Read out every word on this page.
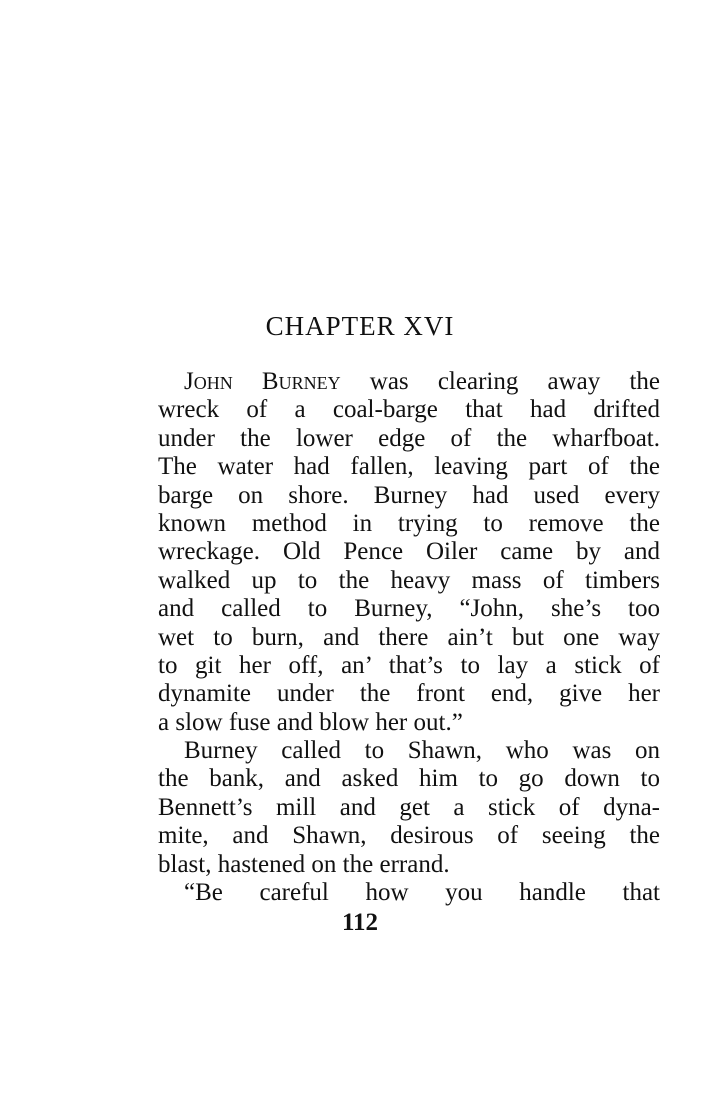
CHAPTER XVI
John Burney was clearing away the
wreck of a coal-barge that had drifted
under the lower edge of the wharfboat.
The water had fallen, leaving part of the
barge on shore. Burney had used every
known method in trying to remove the
wreckage. Old Pence Oiler came by and
walked up to the heavy mass of timbers
and called to Burney, “John, she’s too
wet to burn, and there ain’t but one way
to git her off, an’ that’s to lay a stick of
dynamite under the front end, give her
a slow fuse and blow her out.”
Burney called to Shawn, who was on
the bank, and asked him to go down to
Bennett’s mill and get a stick of dyna-
mite, and Shawn, desirous of seeing the
blast, hastened on the errand.
“Be careful how you handle that
112
